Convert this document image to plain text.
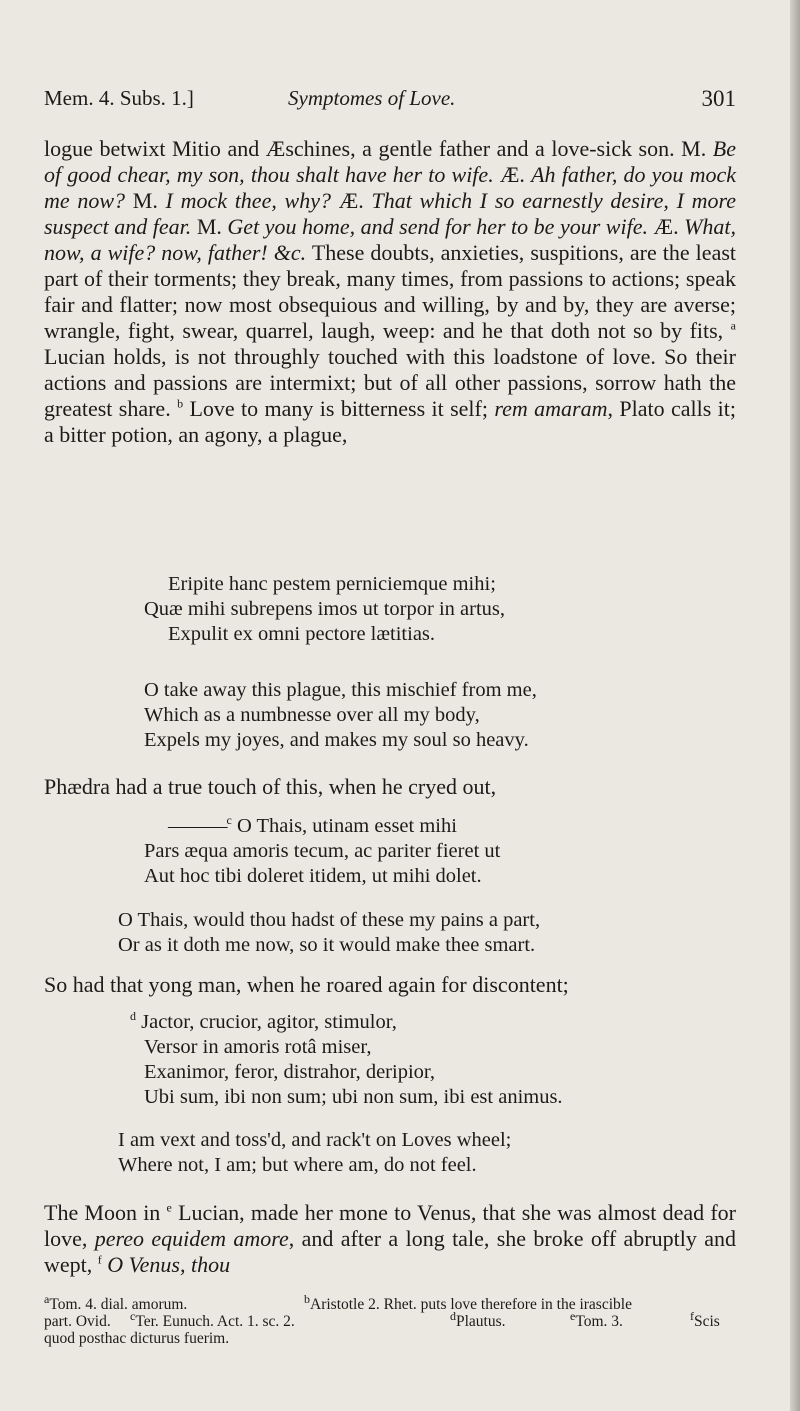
Mem. 4. Subs. 1.]	Symptomes of Love.	301

logue betwixt Mitio and Æschines, a gentle father and a love-sick son. M. Be of good chear, my son, thou shalt have her to wife. Æ. Ah father, do you mock me now? M. I mock thee, why? Æ. That which I so earnestly desire, I more suspect and fear. M. Get you home, and send for her to be your wife. Æ. What, now, a wife? now, father! &c. These doubts, anxieties, suspitions, are the least part of their torments; they break, many times, from passions to actions; speak fair and flatter; now most obsequious and willing, by and by, they are averse; wrangle, fight, swear, quarrel, laugh, weep: and he that doth not so by fits, $^a$ Lucian holds, is not throughly touched with this loadstone of love. So their actions and passions are intermixt; but of all other passions, sorrow hath the greatest share. $^b$ Love to many is bitterness it self; rem amaram, Plato calls it; a bitter potion, an agony, a plague,

Eripite hanc pestem perniciemque mihi;
Quæ mihi subrepens imos ut torpor in artus,
Expulit ex omni pectore lætitias.
O take away this plague, this mischief from me,
Which as a numbnesse over all my body,
Expels my joyes, and makes my soul so heavy.

Phædra had a true touch of this, when he cryed out,

———$^c$ O Thais, utinam esset mihi
Pars æqua amoris tecum, ac pariter fieret ut
Aut hoc tibi doleret itidem, ut mihi dolet.
O Thais, would thou hadst of these my pains a part,
Or as it doth me now, so it would make thee smart.

So had that yong man, when he roared again for discontent;

$^d$ Jactor, crucior, agitor, stimulor,
Versor in amoris rotâ miser,
Exanimor, feror, distrahor, deripior,
Ubi sum, ibi non sum; ubi non sum, ibi est animus.
I am vext and toss'd, and rack't on Loves wheel;
Where not, I am; but where am, do not feel.

The Moon in $^e$ Lucian, made her mone to Venus, that she was almost dead for love, pereo equidem amore, and after a long tale, she broke off abruptly and wept, $^f$ O Venus, thou

$^a$Tom. 4. dial. amorum.	$^b$Aristotle 2. Rhet. puts love therefore in the irascible
part. Ovid. $^c$Ter. Eunuch. Act. 1. sc. 2.	$^d$Plautus.	$^e$Tom. 3.	$^f$Scis
quod posthac dicturus fuerim.
